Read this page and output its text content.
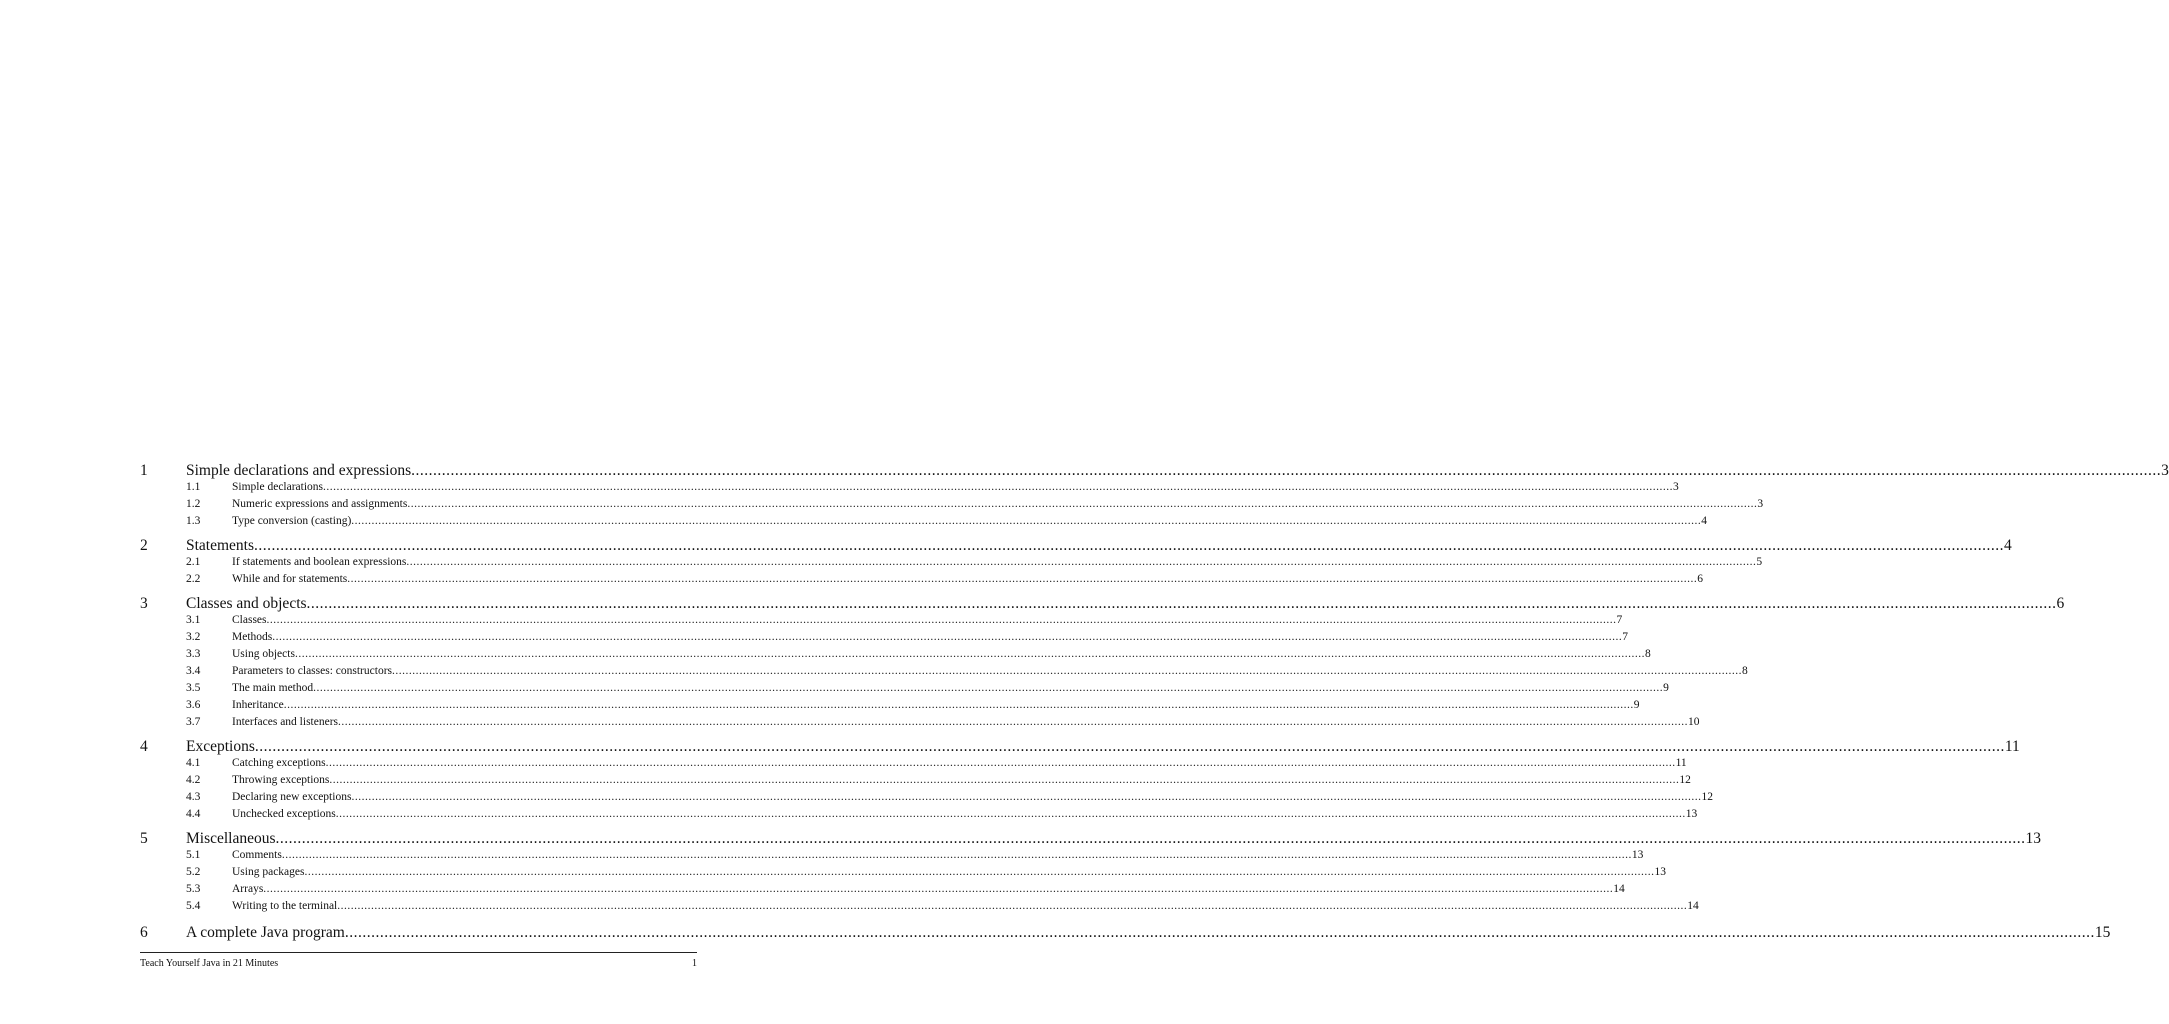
1 Simple declarations and expressions ................................................................................................................................................................................................................................................................................................................................................................................................................ 3
1.1	Simple declarations ................................................................................................................................................................................................................................................................................................................................................................................................................ 3
1.2	Numeric expressions and assignments ................................................................................................................................................................................................................................................................................................................................................................................................................ 3
1.3	Type conversion (casting) ................................................................................................................................................................................................................................................................................................................................................................................................................ 4
2 Statements ................................................................................................................................................................................................................................................................................................................................................................................................................ 4
2.1	If statements and boolean expressions ................................................................................................................................................................................................................................................................................................................................................................................................................ 5
2.2	While and for statements ................................................................................................................................................................................................................................................................................................................................................................................................................ 6
3 Classes and objects ................................................................................................................................................................................................................................................................................................................................................................................................................ 6
3.1	Classes ................................................................................................................................................................................................................................................................................................................................................................................................................ 7
3.2	Methods ................................................................................................................................................................................................................................................................................................................................................................................................................ 7
3.3	Using objects ................................................................................................................................................................................................................................................................................................................................................................................................................ 8
3.4	Parameters to classes: constructors ................................................................................................................................................................................................................................................................................................................................................................................................................ 8
3.5	The main method ................................................................................................................................................................................................................................................................................................................................................................................................................ 9
3.6	Inheritance ................................................................................................................................................................................................................................................................................................................................................................................................................ 9
3.7	Interfaces and listeners ................................................................................................................................................................................................................................................................................................................................................................................................................ 10
4 Exceptions ................................................................................................................................................................................................................................................................................................................................................................................................................ 11
4.1	Catching exceptions ................................................................................................................................................................................................................................................................................................................................................................................................................ 11
4.2	Throwing exceptions ................................................................................................................................................................................................................................................................................................................................................................................................................ 12
4.3	Declaring new exceptions ................................................................................................................................................................................................................................................................................................................................................................................................................ 12
4.4	Unchecked exceptions ................................................................................................................................................................................................................................................................................................................................................................................................................ 13
5 Miscellaneous ................................................................................................................................................................................................................................................................................................................................................................................................................ 13
5.1	Comments ................................................................................................................................................................................................................................................................................................................................................................................................................ 13
5.2	Using packages ................................................................................................................................................................................................................................................................................................................................................................................................................ 13
5.3	Arrays ................................................................................................................................................................................................................................................................................................................................................................................................................ 14
5.4	Writing to the terminal ................................................................................................................................................................................................................................................................................................................................................................................................................ 14
6 A complete Java program ................................................................................................................................................................................................................................................................................................................................................................................................................ 15
Teach Yourself Java in 21 Minutes	1
